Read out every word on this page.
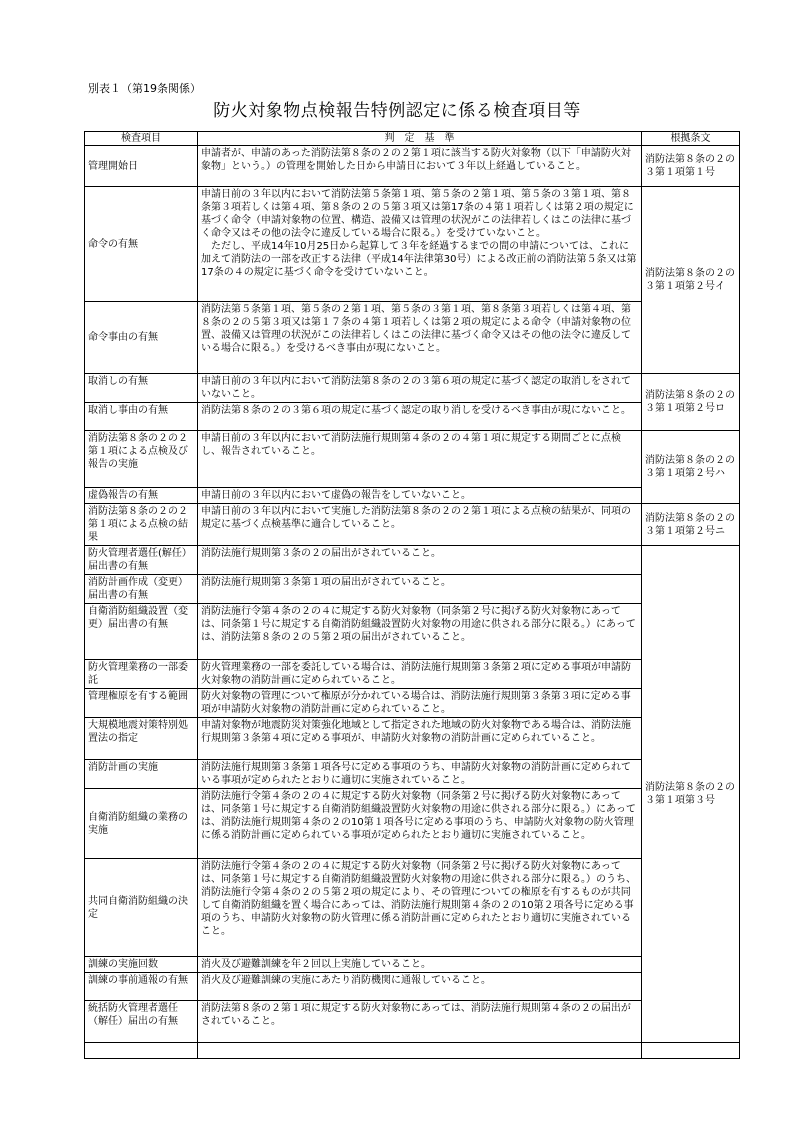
別表１（第19条関係）
防火対象物点検報告特例認定に係る検査項目等
検査項目	判　定　基　準	根拠条文	
管理開始日	申請者が、申請のあった消防法第８条の２の２第１項に該当する防火対象物（以下「申請防火対象物」という。）の管理を開始した日から申請日において３年以上経過していること。	消防法第８条の２の３第１項第１号	
命令の有無	申請日前の３年以内において消防法第５条第１項、第５条の２第１項、第５条の３第１項、第８条第３項若しくは第４項、第８条の２の５第３項又は第17条の４第１項若しくは第２項の規定に基づく命令（申請対象物の位置、構造、設備又は管理の状況がこの法律若しくはこの法律に基づく命令又はその他の法令に違反している場合に限る。）を受けていないこと。

ただし、平成14年10月25日から起算して３年を経過するまでの間の申請については、これに加えて消防法の一部を改正する法律（平成14年法律第30号）による改正前の消防法第５条又は第17条の４の規定に基づく命令を受けていないこと。	消防法第８条の２の３第１項第２号イ	
命令事由の有無	消防法第５条第１項、第５条の２第１項、第５条の３第１項、第８条第３項若しくは第４項、第８条の２の５第３項又は第１７条の４第１項若しくは第２項の規定による命令（申請対象物の位置、設備又は管理の状況がこの法律若しくはこの法律に基づく命令又はその他の法令に違反している場合に限る。）を受けるべき事由が現にないこと。		
取消しの有無	申請日前の３年以内において消防法第８条の２の３第６項の規定に基づく認定の取消しをされていないこと。	消防法第８条の２の３第１項第２号ロ	
取消し事由の有無	消防法第８条の２の３第６項の規定に基づく認定の取り消しを受けるべき事由が現にないこと。		
消防法第８条の２の２第１項による点検及び報告の実施	申請日前の３年以内において消防法施行規則第４条の２の４第１項に規定する期間ごとに点検し、報告されていること。	消防法第８条の２の３第１項第２号ハ	
虚偽報告の有無	申請日前の３年以内において虚偽の報告をしていないこと。		
消防法第８条の２の２第１項による点検の結果	申請日前の３年以内において実施した消防法第８条の２の２第１項による点検の結果が、同項の規定に基づく点検基準に適合していること。	消防法第８条の２の３第１項第２号ニ	
防火管理者選任(解任）届出書の有無	消防法施行規則第３条の２の届出がされていること。	消防法第８条の２の３第１項第３号	
消防計画作成（変更）届出書の有無	消防法施行規則第３条第１項の届出がされていること。		
自衛消防組織設置（変更）届出書の有無	消防法施行令第４条の２の４に規定する防火対象物（同条第２号に掲げる防火対象物にあっては、同条第１号に規定する自衛消防組織設置防火対象物の用途に供される部分に限る。）にあっては、消防法第８条の２の５第２項の届出がされていること。		
防火管理業務の一部委託	防火管理業務の一部を委託している場合は、消防法施行規則第３条第２項に定める事項が申請防火対象物の消防計画に定められていること。		
管理権原を有する範囲	防火対象物の管理について権原が分かれている場合は、消防法施行規則第３条第３項に定める事項が申請防火対象物の消防計画に定められていること。		
大規模地震対策特別処置法の指定	申請対象物が地震防災対策強化地域として指定された地域の防火対象物である場合は、消防法施行規則第３条第４項に定める事項が、申請防火対象物の消防計画に定められていること。		
消防計画の実施	消防法施行規則第３条第１項各号に定める事項のうち、申請防火対象物の消防計画に定められている事項が定められたとおりに適切に実施されていること。		
自衛消防組織の業務の実施	消防法施行令第４条の２の４に規定する防火対象物（同条第２号に掲げる防火対象物にあっては、同条第１号に規定する自衛消防組織設置防火対象物の用途に供される部分に限る。）にあっては、消防法施行規則第４条の２の10第１項各号に定める事項のうち、申請防火対象物の防火管理に係る消防計画に定められている事項が定められたとおり適切に実施されていること。		
共同自衛消防組織の決定	消防法施行令第４条の２の４に規定する防火対象物（同条第２号に掲げる防火対象物にあっては、同条第１号に規定する自衛消防組織設置防火対象物の用途に供される部分に限る。）のうち、消防法施行令第４条の２の５第２項の規定により、その管理についての権原を有するものが共同して自衛消防組織を置く場合にあっては、消防法施行規則第４条の２の10第２項各号に定める事項のうち、申請防火対象物の防火管理に係る消防計画に定められたとおり適切に実施されていること。		
訓練の実施回数	消火及び避難訓練を年２回以上実施していること。		
訓練の事前通報の有無	消火及び避難訓練の実施にあたり消防機関に通報していること。		
統括防火管理者選任（解任）届出の有無	消防法第８条の２第１項に規定する防火対象物にあっては、消防法施行規則第４条の２の届出がされていること。		
